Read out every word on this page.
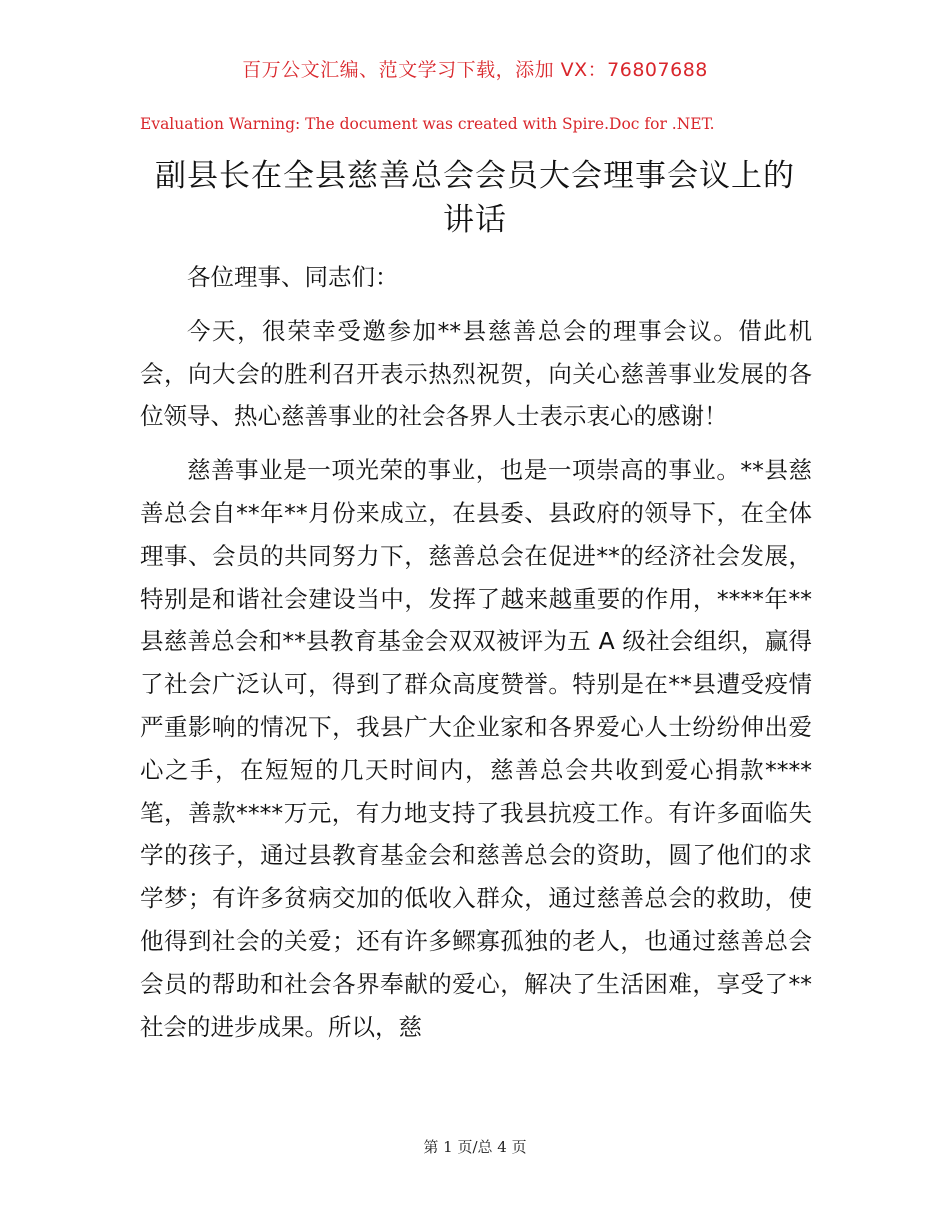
百万公文汇编、范文学习下载，添加 VX：76807688
Evaluation Warning: The document was created with Spire.Doc for .NET.
副县长在全县慈善总会会员大会理事会议上的讲话

各位理事、同志们：

今天，很荣幸受邀参加**县慈善总会的理事会议。借此机会，向大会的胜利召开表示热烈祝贺，向关心慈善事业发展的各位领导、热心慈善事业的社会各界人士表示衷心的感谢！

慈善事业是一项光荣的事业，也是一项崇高的事业。**县慈善总会自**年**月份来成立，在县委、县政府的领导下，在全体理事、会员的共同努力下，慈善总会在促进**的经济社会发展，特别是和谐社会建设当中，发挥了越来越重要的作用，****年**县慈善总会和**县教育基金会双双被评为五 A 级社会组织，赢得了社会广泛认可，得到了群众高度赞誉。特别是在**县遭受疫情严重影响的情况下，我县广大企业家和各界爱心人士纷纷伸出爱心之手，在短短的几天时间内，慈善总会共收到爱心捐款****笔，善款****万元，有力地支持了我县抗疫工作。有许多面临失学的孩子，通过县教育基金会和慈善总会的资助，圆了他们的求学梦；有许多贫病交加的低收入群众，通过慈善总会的救助，使他得到社会的关爱；还有许多鳏寡孤独的老人，也通过慈善总会会员的帮助和社会各界奉献的爱心，解决了生活困难，享受了**社会的进步成果。所以，慈

第 1 页/总 4 页
